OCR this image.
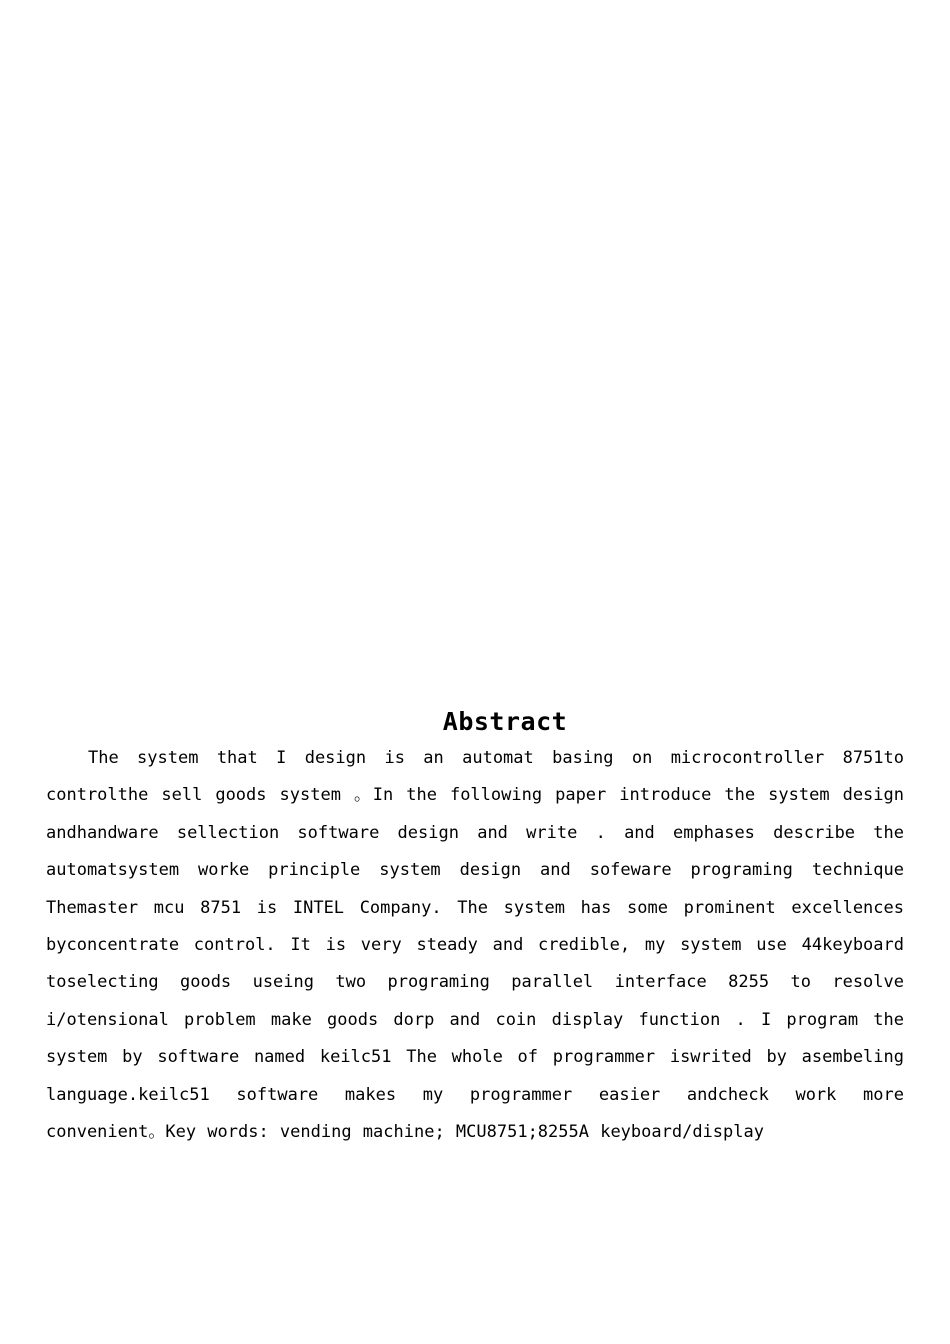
Abstract

The system that I design is an automat basing on microcontroller 8751to controlthe sell goods system 。In the following paper introduce the system design andhandware sellection software design and write . and emphases describe the automatsystem worke principle system design and sofeware programing technique Themaster mcu 8751 is INTEL Company. The system has some prominent excellences byconcentrate control. It is very steady and credible, my system use 44keyboard toselecting goods useing two programing parallel interface 8255 to resolve i/otensional problem make goods dorp and coin display function . I program the system by software named keilc51 The whole of programmer iswrited by asembeling language.keilc51 software makes my programmer easier andcheck work more convenient。Key words: vending machine; MCU8751;8255A keyboard/display
